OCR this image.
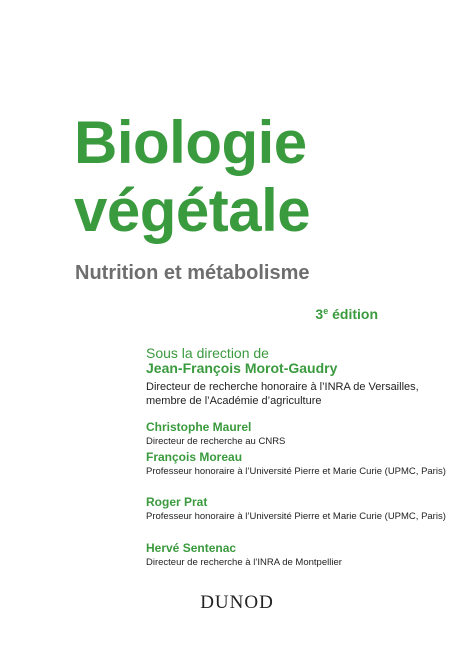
Biologie
végétale
Nutrition et métabolisme
3e édition
Sous la direction de
Jean-François Morot-Gaudry
Directeur de recherche honoraire à l’INRA de Versailles, membre de l’Académie d’agriculture
Christophe Maurel
Directeur de recherche au CNRS
François Moreau
Professeur honoraire à l’Université Pierre et Marie Curie (UPMC, Paris)
Roger Prat
Professeur honoraire à l’Université Pierre et Marie Curie (UPMC, Paris)
Hervé Sentenac
Directeur de recherche à l’INRA de Montpellier
DUNOD
